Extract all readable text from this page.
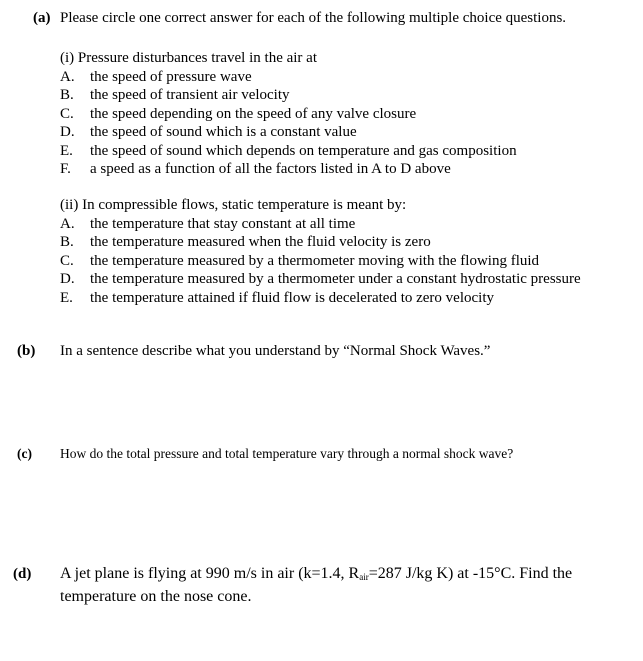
(a) Please circle one correct answer for each of the following multiple choice questions.
(i) Pressure disturbances travel in the air at
A. the speed of pressure wave
B. the speed of transient air velocity
C. the speed depending on the speed of any valve closure
D. the speed of sound which is a constant value
E. the speed of sound which depends on temperature and gas composition
F. a speed as a function of all the factors listed in A to D above
(ii) In compressible flows, static temperature is meant by:
A. the temperature that stay constant at all time
B. the temperature measured when the fluid velocity is zero
C. the temperature measured by a thermometer moving with the flowing fluid
D. the temperature measured by a thermometer under a constant hydrostatic pressure
E. the temperature attained if fluid flow is decelerated to zero velocity
(b) In a sentence describe what you understand by “Normal Shock Waves.”
(c) How do the total pressure and total temperature vary through a normal shock wave?
(d) A jet plane is flying at 990 m/s in air (k=1.4, $R_{air}=287$ J/kg K) at -15°C. Find the temperature on the nose cone.
